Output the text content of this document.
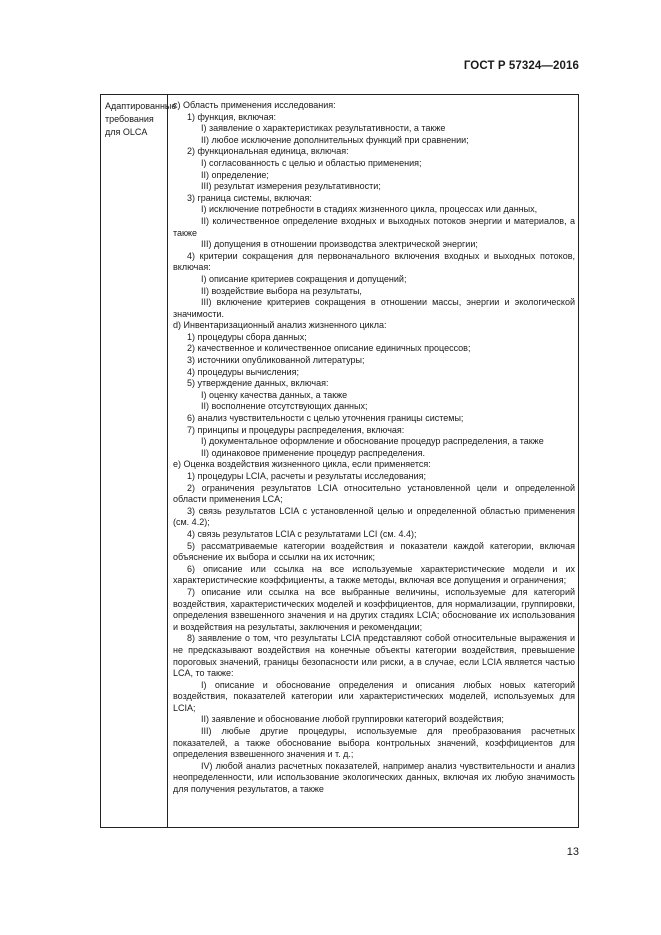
ГОСТ Р 57324—2016
Адаптированные требования для OLCA
c) Область применения исследования:
1) функция, включая:
I) заявление о характеристиках результативности, а также
II) любое исключение дополнительных функций при сравнении;
2) функциональная единица, включая:
I) согласованность с целью и областью применения;
II) определение;
III) результат измерения результативности;
3) граница системы, включая:
I) исключение потребности в стадиях жизненного цикла, процессах или данных,
II) количественное определение входных и выходных потоков энергии и материалов, а также
III) допущения в отношении производства электрической энергии;
4) критерии сокращения для первоначального включения входных и выходных потоков, включая:
I) описание критериев сокращения и допущений;
II) воздействие выбора на результаты,
III) включение критериев сокращения в отношении массы, энергии и экологической значимости.
d) Инвентаризационный анализ жизненного цикла:
1) процедуры сбора данных;
2) качественное и количественное описание единичных процессов;
3) источники опубликованной литературы;
4) процедуры вычисления;
5) утверждение данных, включая:
I) оценку качества данных, а также
II) восполнение отсутствующих данных;
6) анализ чувствительности с целью уточнения границы системы;
7) принципы и процедуры распределения, включая:
I) документальное оформление и обоснование процедур распределения, а также
II) одинаковое применение процедур распределения.
e) Оценка воздействия жизненного цикла, если применяется:
1) процедуры LCIA, расчеты и результаты исследования;
2) ограничения результатов LCIA относительно установленной цели и определенной области применения LCA;
3) связь результатов LCIA с установленной целью и определенной областью применения (см. 4.2);
4) связь результатов LCIA с результатами LCI (см. 4.4);
5) рассматриваемые категории воздействия и показатели каждой категории, включая объяснение их выбора и ссылки на их источник;
6) описание или ссылка на все используемые характеристические модели и их характеристические коэффициенты, а также методы, включая все допущения и ограничения;
7) описание или ссылка на все выбранные величины, используемые для категорий воздействия, характеристических моделей и коэффициентов, для нормализации, группировки, определения взвешенного значения и на других стадиях LCIA; обоснование их использования и воздействия на результаты, заключения и рекомендации;
8) заявление о том, что результаты LCIA представляют собой относительные выражения и не предсказывают воздействия на конечные объекты категории воздействия, превышение пороговых значений, границы безопасности или риски, а в случае, если LCIA является частью LCA, то также:
I) описание и обоснование определения и описания любых новых категорий воздействия, показателей категории или характеристических моделей, используемых для LCIA;
II) заявление и обоснование любой группировки категорий воздействия;
III) любые другие процедуры, используемые для преобразования расчетных показателей, а также обоснование выбора контрольных значений, коэффициентов для определения взвешенного значения и т. д.;
IV) любой анализ расчетных показателей, например анализ чувствительности и анализ неопределенности, или использование экологических данных, включая их любую значимость для получения результатов, а также
13
